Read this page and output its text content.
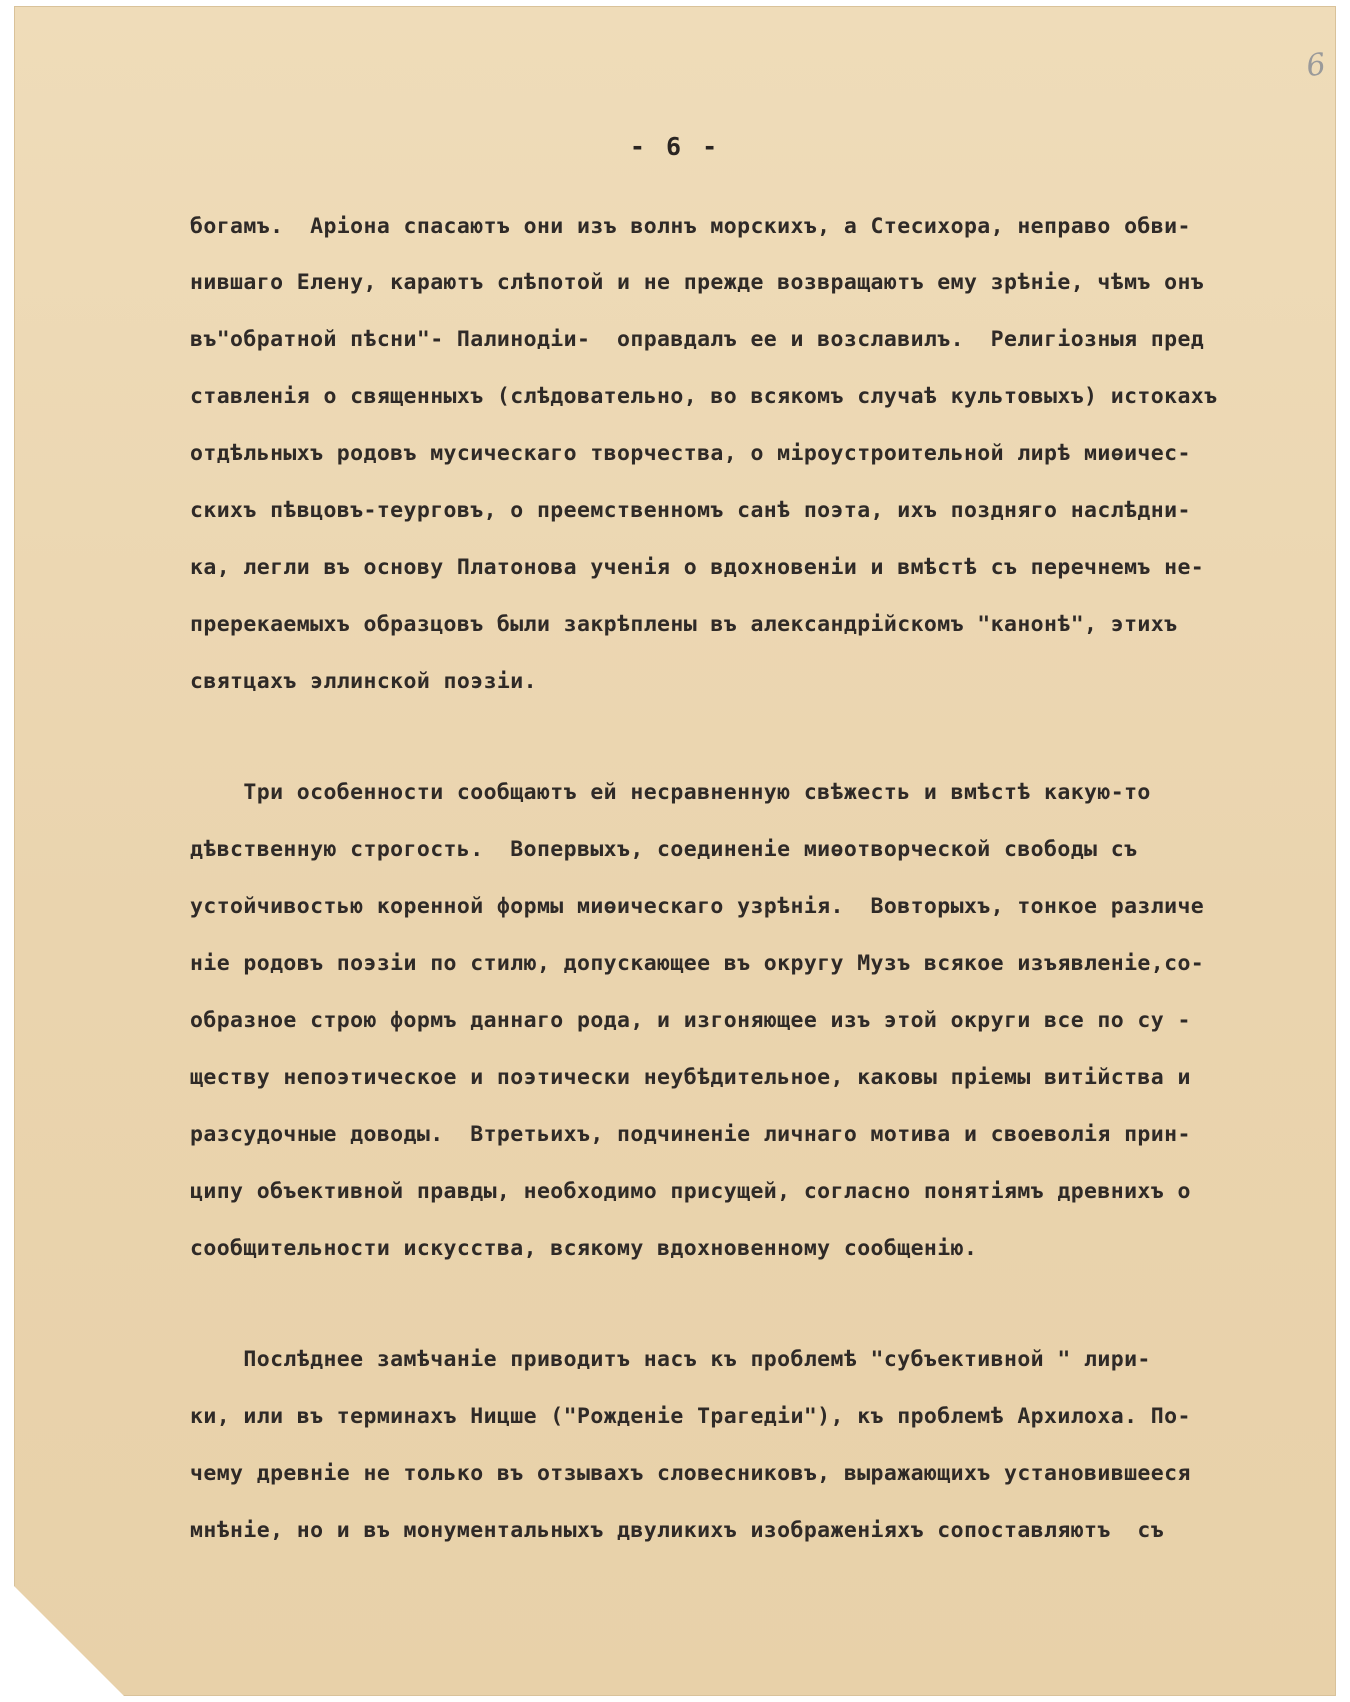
6
- 6 -

богамъ.  Аріона спасаютъ они изъ волнъ морскихъ, а Стесихора, неправо обви-

нившаго Елену, караютъ слѣпотой и не прежде возвращаютъ ему зрѣніе, чѣмъ онъ

въ"обратной пѣсни"- Палинодіи-  оправдалъ ее и возславилъ.  Религіозныя пред

ставленія о священныхъ (слѣдовательно, во всякомъ случаѣ культовыхъ) истокахъ

отдѣльныхъ родовъ мусическаго творчества, о міроустроительной лирѣ миѳичес-

скихъ пѣвцовъ-теурговъ, о преемственномъ санѣ поэта, ихъ поздняго наслѣдни-

ка, легли въ основу Платонова ученія о вдохновеніи и вмѣстѣ съ перечнемъ не-

пререкаемыхъ образцовъ были закрѣплены въ александрійскомъ "канонѣ", этихъ

святцахъ эллинской поэзіи.

Три особенности сообщаютъ ей несравненную свѣжесть и вмѣстѣ какую-то

дѣвственную строгость.  Вопервыхъ, соединеніе миѳотворческой свободы съ

устойчивостью коренной формы миѳическаго узрѣнія.  Вовторыхъ, тонкое различе

ніе родовъ поэзіи по стилю, допускающее въ округу Музъ всякое изъявленіе,со-

образное строю формъ даннаго рода, и изгоняющее изъ этой округи все по су -

ществу непоэтическое и поэтически неубѣдительное, каковы пріемы витійства и

разсудочные доводы.  Втретьихъ, подчиненіе личнаго мотива и своеволія прин-

ципу объективной правды, необходимо присущей, согласно понятіямъ древнихъ о

сообщительности искусства, всякому вдохновенному сообщенію.

Послѣднее замѣчаніе приводитъ насъ къ проблемѣ "субъективной " лири-

ки, или въ терминахъ Ницше ("Рожденіе Трагедіи"), къ проблемѣ Архилоха. По-

чему древніе не только въ отзывахъ словесниковъ, выражающихъ установившееся

мнѣніе, но и въ монументальныхъ двуликихъ изображеніяхъ сопоставляютъ  съ
